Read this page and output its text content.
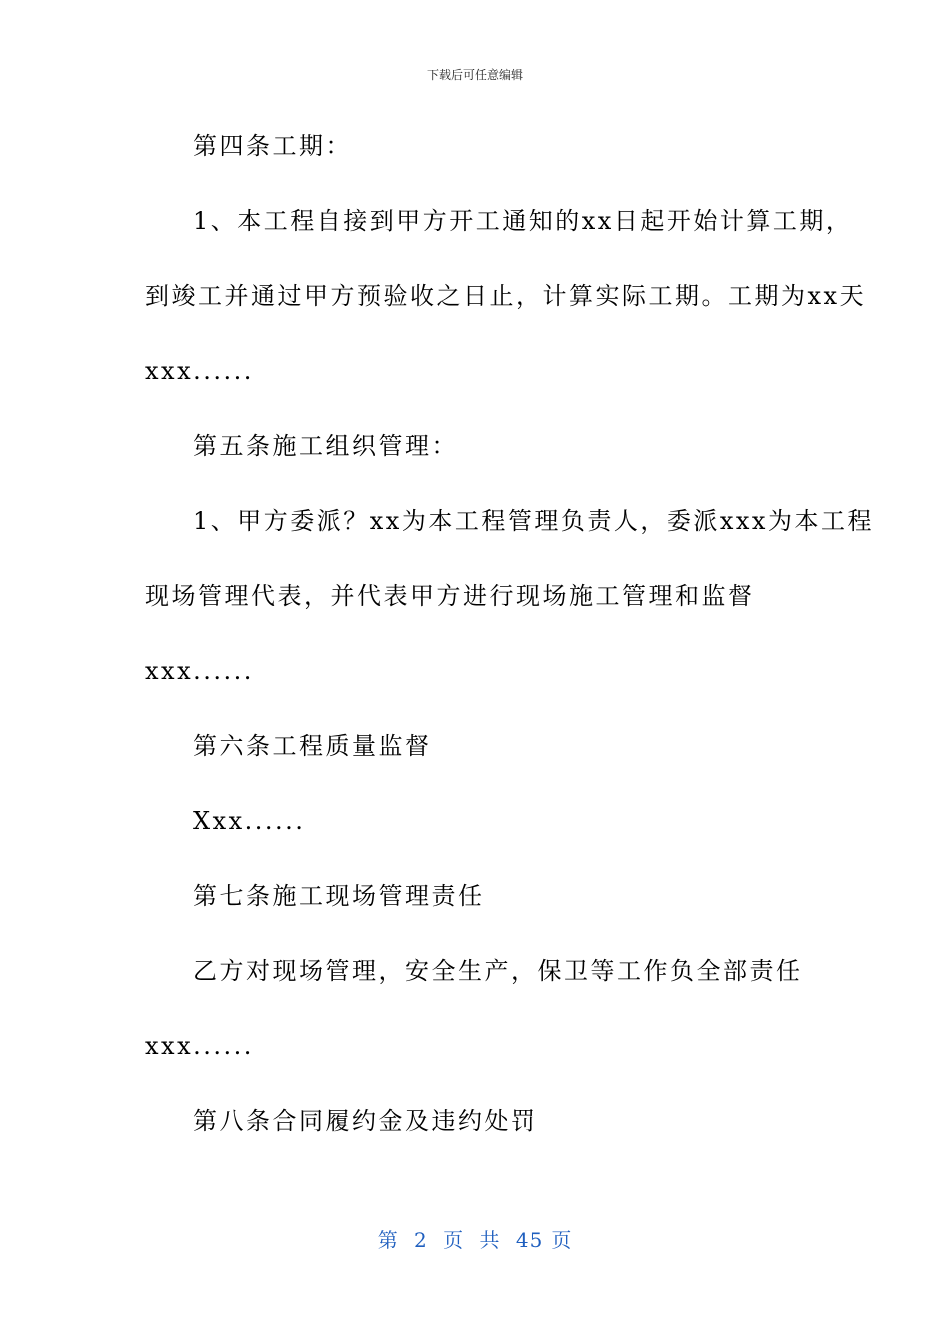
下载后可任意编辑
第四条工期：
1、本工程自接到甲方开工通知的xx日起开始计算工期，
到竣工并通过甲方预验收之日止，计算实际工期。工期为xx天
xxx......
第五条施工组织管理：
1、甲方委派？xx为本工程管理负责人，委派xxx为本工程
现场管理代表，并代表甲方进行现场施工管理和监督
xxx......
第六条工程质量监督
Xxx......
第七条施工现场管理责任
乙方对现场管理，安全生产，保卫等工作负全部责任
xxx......
第八条合同履约金及违约处罚
第 2 页 共 45 页
